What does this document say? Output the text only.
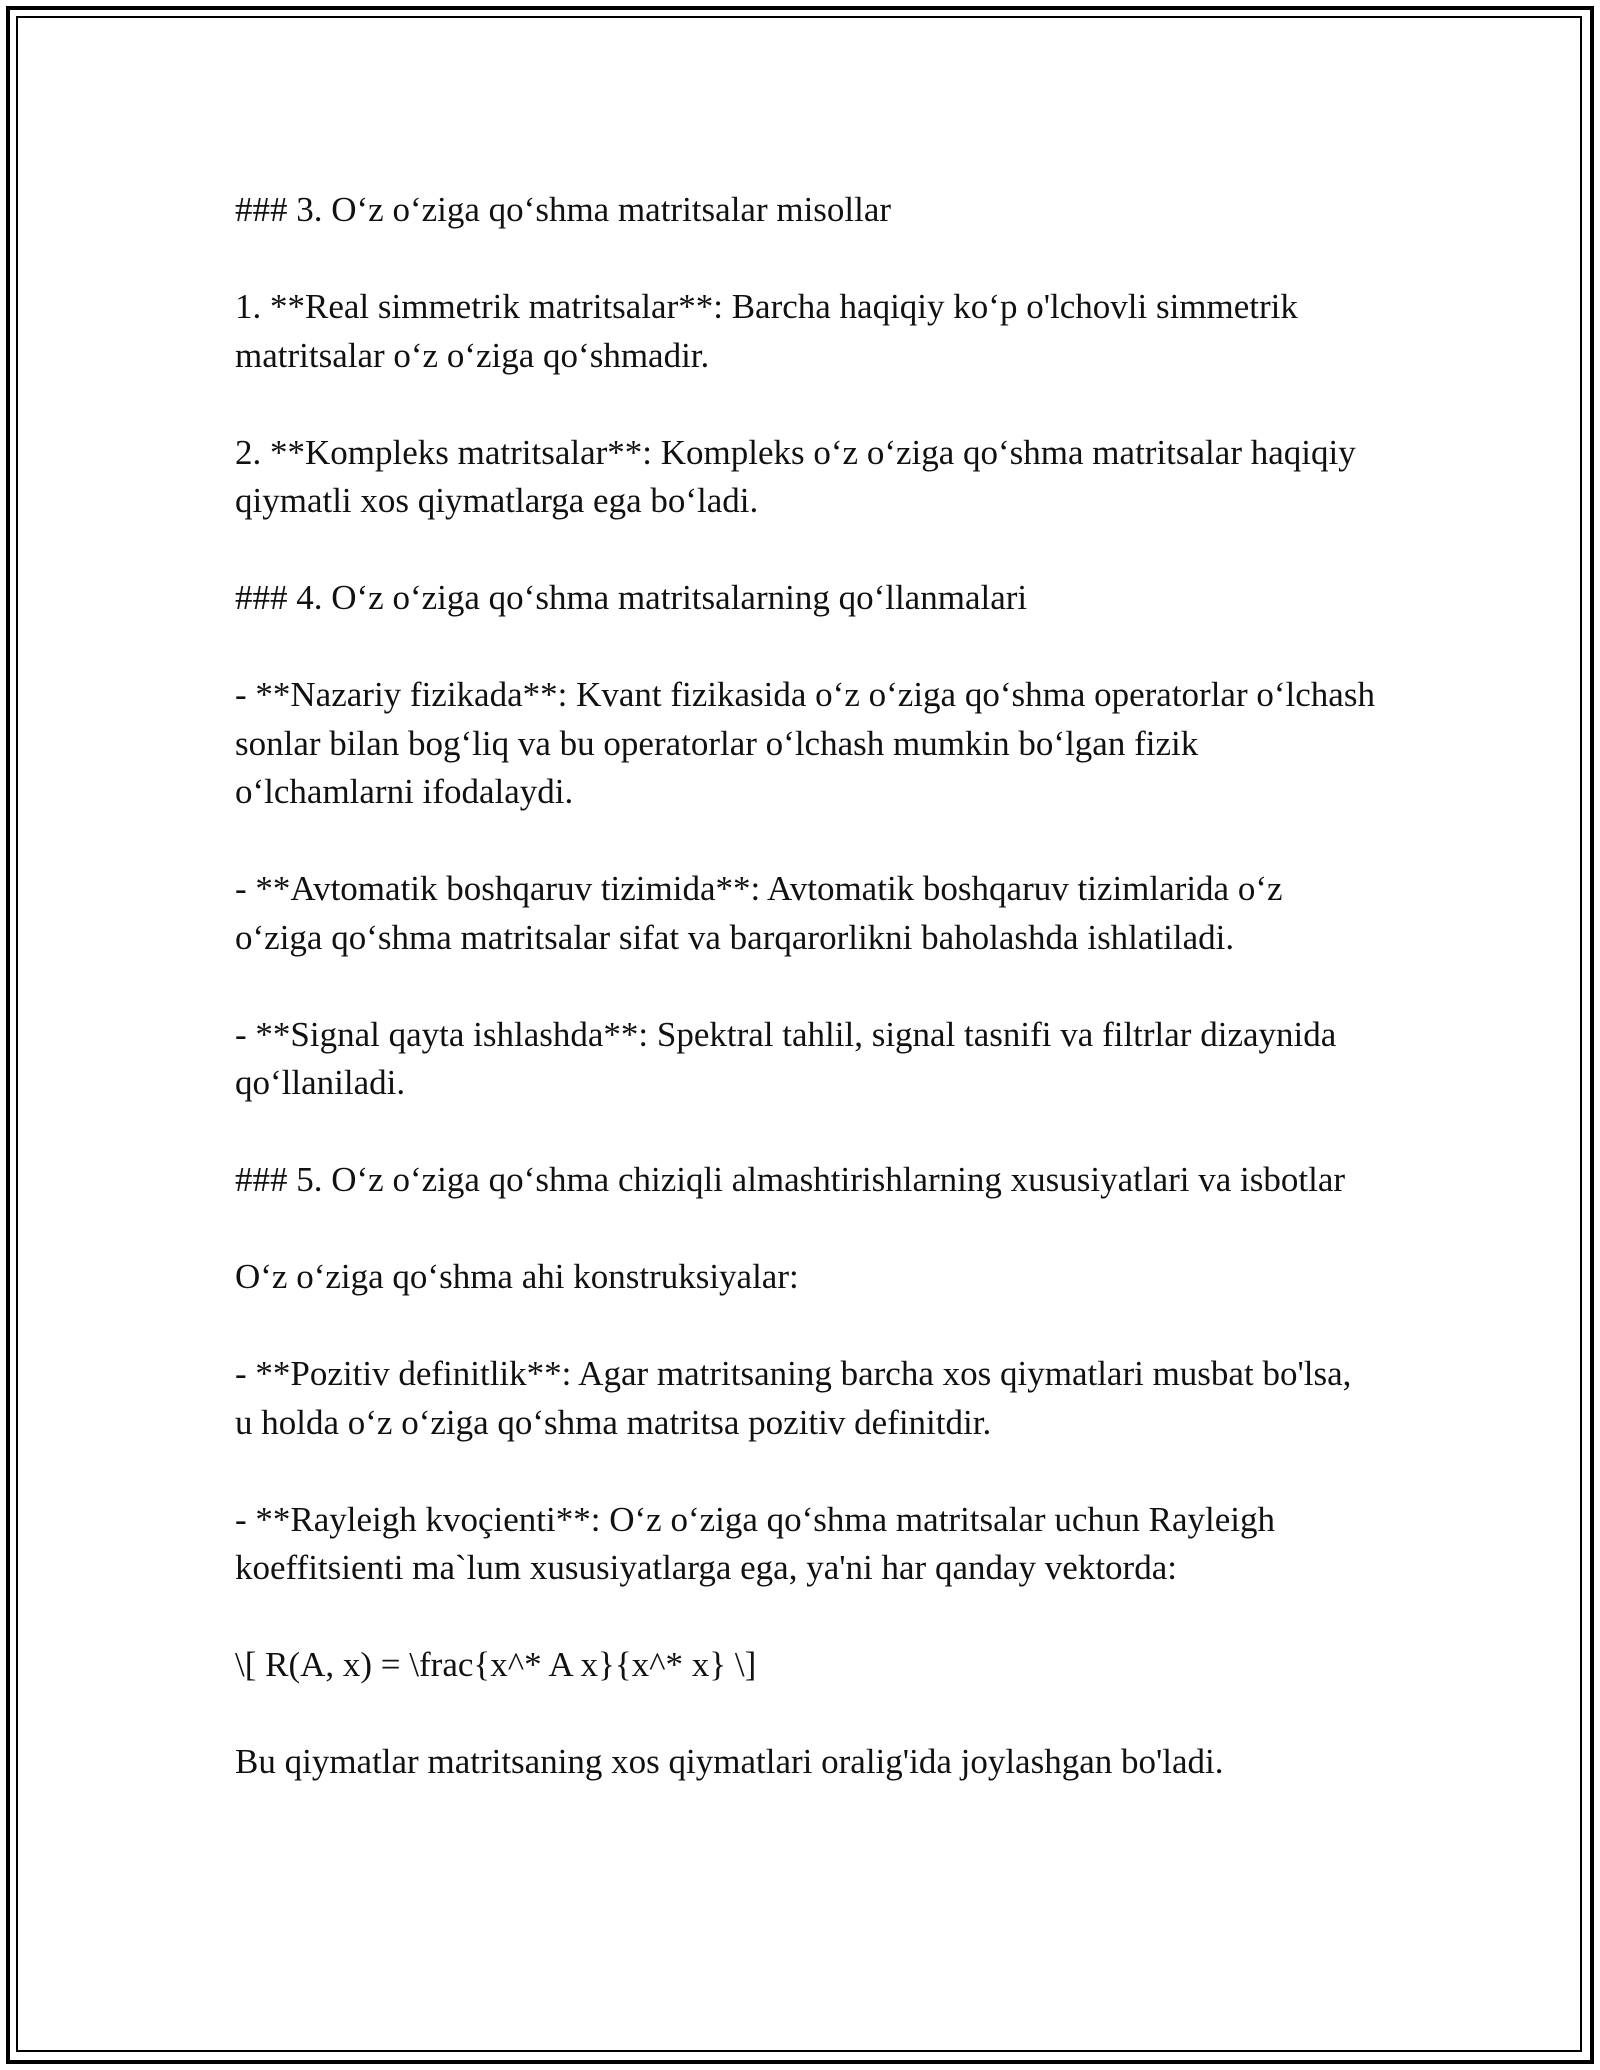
### 3. O‘z o‘ziga qo‘shma matritsalar misollar

1. **Real simmetrik matritsalar**: Barcha haqiqiy ko‘p o'lchovli simmetrik matritsalar o‘z o‘ziga qo‘shmadir.

2. **Kompleks matritsalar**: Kompleks o‘z o‘ziga qo‘shma matritsalar haqiqiy qiymatli xos qiymatlarga ega bo‘ladi.

### 4. O‘z o‘ziga qo‘shma matritsalarning qo‘llanmalari

- **Nazariy fizikada**: Kvant fizikasida o‘z o‘ziga qo‘shma operatorlar o‘lchash sonlar bilan bog‘liq va bu operatorlar o‘lchash mumkin bo‘lgan fizik o‘lchamlarni ifodalaydi.

- **Avtomatik boshqaruv tizimida**: Avtomatik boshqaruv tizimlarida o‘z o‘ziga qo‘shma matritsalar sifat va barqarorlikni baholashda ishlatiladi.

- **Signal qayta ishlashda**: Spektral tahlil, signal tasnifi va filtrlar dizaynida qo‘llaniladi.

### 5. O‘z o‘ziga qo‘shma chiziqli almashtirishlarning xususiyatlari va isbotlar

O‘z o‘ziga qo‘shma ahi konstruksiyalar:

- **Pozitiv definitlik**: Agar matritsaning barcha xos qiymatlari musbat bo'lsa, u holda o‘z o‘ziga qo‘shma matritsa pozitiv definitdir.

- **Rayleigh kvoçienti**: O‘z o‘ziga qo‘shma matritsalar uchun Rayleigh koeffitsienti ma`lum xususiyatlarga ega, ya'ni har qanday vektorda:

\[ R(A, x) = \frac{x^* A x}{x^* x} \]

Bu qiymatlar matritsaning xos qiymatlari oralig'ida joylashgan bo'ladi.
